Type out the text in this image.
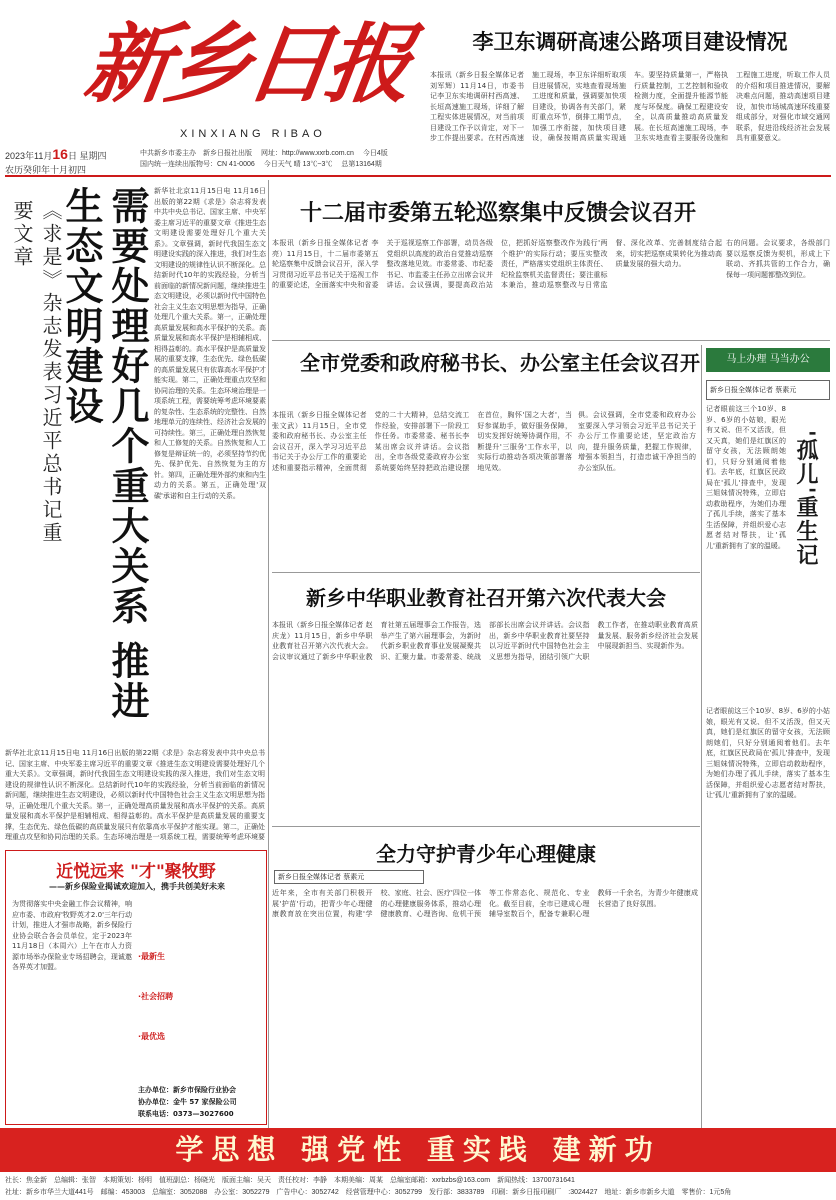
新乡日报
XINXIANG RIBAO
2023年11月16日 星期四
农历癸卯年十月初四
中共新乡市委主办　新乡日报社出版　 网址：http://www.xxrb.com.cn　 今日4版
国内统一连续出版物号：CN 41-0006　 今日天气 晴 13℃~3℃　 总第13164期
李卫东调研高速公路项目建设情况
本报讯（新乡日报全媒体记者 刘军辉）11月14日，市委书记李卫东实地调研村西高速、长垣高速施工现场，详细了解工程实体进展情况，对当前项目建设工作予以肯定，对下一步工作提出要求。在村西高速施工现场，李卫东详细听取项目进展情况，实地查看现场施工进度和质量，强调要加快项目建设，协调各有关部门，紧盯重点环节，倒排工期节点，加强工序衔接，加快项目建设，确保按期高质量实现通车。要坚持质量第一，严格执行质量控制，工艺控制和验收检测力度，全面提升能源节能度与环保度。确保工程建设安全，以高质量推动高质量发展。在长垣高速施工现场，李卫东实地查看主要服务设施和工程施工进度，听取工作人员的介绍和项目推进情况，要解决难点问题，推动高速项目建设，加快市场城高速环线重要组成部分，对强化市域交通网联系，促进沿线经济社会发展具有重要意义。
需要处理好几个重大关系 推进生态文明建设
《求是》杂志发表习近平总书记重要文章
新华社北京11月15日电 11月16日出版的第22期《求是》杂志将发表中共中央总书记、国家主席、中央军委主席习近平的重要文章《推进生态文明建设需要处理好几个重大关系》。文章强调，新时代我国生态文明建设实践的深入推进，我们对生态文明建设的规律性认识不断深化。总结新时代10年的实践经验，分析当前面临的新情况新问题，继续推进生态文明建设，必须以新时代中国特色社会主义生态文明思想为指导，正确处理几个重大关系。第一，正确处理高质量发展和高水平保护的关系。高质量发展和高水平保护是相辅相成、相得益彰的。高水平保护是高质量发展的重要支撑，生态优先、绿色低碳的高质量发展只有依靠高水平保护才能实现。第二，正确处理重点攻坚和协同治理的关系。生态环境治理是一项系统工程，需要统筹考虑环境要素的复杂性、生态系统的完整性、自然地理单元的连续性、经济社会发展的可持续性。第三，正确处理自然恢复和人工修复的关系。自然恢复和人工修复是辩证统一的，必须坚持节约优先、保护优先、自然恢复为主的方针。第四，正确处理外部约束和内生动力的关系。第五，正确处理'双碳'承诺和自主行动的关系。
新华社北京11月15日电 11月16日出版的第22期《求是》杂志将发表中共中央总书记、国家主席、中央军委主席习近平的重要文章《推进生态文明建设需要处理好几个重大关系》。文章强调，新时代我国生态文明建设实践的深入推进，我们对生态文明建设的规律性认识不断深化。总结新时代10年的实践经验，分析当前面临的新情况新问题，继续推进生态文明建设，必须以新时代中国特色社会主义生态文明思想为指导，正确处理几个重大关系。第一，正确处理高质量发展和高水平保护的关系。高质量发展和高水平保护是相辅相成、相得益彰的。高水平保护是高质量发展的重要支撑，生态优先、绿色低碳的高质量发展只有依靠高水平保护才能实现。第二，正确处理重点攻坚和协同治理的关系。生态环境治理是一项系统工程，需要统筹考虑环境要
十二届市委第五轮巡察集中反馈会议召开
本报讯（新乡日报全媒体记者 李亮）11月15日，十二届市委第五轮巡察集中反馈会议召开，深入学习贯彻习近平总书记关于巡视工作的重要论述，全面落实中央和省委关于巡视巡察工作部署，动员各级党组织以高度的政治自觉推动巡察整改落地见效。市委常委、市纪委书记、市监委主任孙立出席会议并讲话。会议强调，要提高政治站位，把抓好巡察整改作为践行'两个维护'的实际行动；要压实整改责任，严格落实党组织主体责任、纪检监察机关监督责任；要注重标本兼治，推动巡察整改与日常监督、深化改革、完善制度结合起来，切实把巡察成果转化为推动高质量发展的强大动力。
右的问题。会议要求，各级部门要以巡察反馈为契机，形成上下联动、齐抓共管的工作合力，确保每一项问题都整改到位。
全市党委和政府秘书长、办公室主任会议召开
本报讯（新乡日报全媒体记者 张文武）11月15日，全市党委和政府秘书长、办公室主任会议召开，深入学习习近平总书记关于办公厅工作的重要论述和重要指示精神，全面贯彻党的二十大精神，总结交流工作经验，安排部署下一阶段工作任务。市委常委、秘书长李某出席会议并讲话。会议指出，全市各级党委政府办公室系统要始终坚持把政治建设摆在首位，胸怀'国之大者'，当好参谋助手，做好服务保障，切实发挥好统筹协调作用，不断提升'三服务'工作水平，以实际行动推动各项决策部署落地见效。
俱。会议强调，全市党委和政府办公室要深入学习领会习近平总书记关于办公厅工作重要论述，坚定政治方向，提升服务质量，把握工作规律，增强本领担当，打造忠诚干净担当的办公室队伍。
马上办理 马当办公
新乡日报全媒体记者 蔡素元
'孤儿'重生记
记者眼前这三个10岁、8岁、6岁的小姑娘，眼光有又说、但不又活泼，但又天真，她们是红旗区的留守女孩，无法顾朗她们，只好分别通阅着他们。去年底，红旗区民政局在'孤儿'排查中，发现三姐妹情况特殊，立即启动救助程序，为她们办理了孤儿手续，落实了基本生活保障，并组织爱心志愿者结对帮扶，让'孤儿'重新拥有了家的温暖。
记者眼前这三个10岁、8岁、6岁的小姑娘，眼光有又说、但不又活泼，但又天真，她们是红旗区的留守女孩，无法顾朗她们，只好分别通阅着他们。去年底，红旗区民政局在'孤儿'排查中，发现三姐妹情况特殊，立即启动救助程序，为她们办理了孤儿手续，落实了基本生活保障，并组织爱心志愿者结对帮扶，让'孤儿'重新拥有了家的温暖。
新乡中华职业教育社召开第六次代表大会
本报讯（新乡日报全媒体记者 赵庆龙）11月15日，新乡中华职业教育社召开第六次代表大会。会议审议通过了新乡中华职业教育社第五届理事会工作报告，选举产生了第六届理事会，为新时代新乡职业教育事业发展凝聚共识、汇聚力量。市委常委、统战部部长出席会议并讲话。会议指出，新乡中华职业教育社要坚持以习近平新时代中国特色社会主义思想为指导，团结引领广大职教工作者，在推动职业教育高质量发展、服务新乡经济社会发展中展现新担当、实现新作为。
全力守护青少年心理健康
新乡日报全媒体记者 蔡素元
近年来，全市有关部门积极开展'护苗'行动，把青少年心理健康教育放在突出位置，构建'学校、家庭、社会、医疗'四位一体的心理健康服务体系，推动心理健康教育、心理咨询、危机干预等工作常态化、规范化、专业化。截至目前，全市已建成心理辅导室数百个，配备专兼职心理教师一千余名，为青少年健康成长营造了良好氛围。
近悦远来 "才"聚牧野
——新乡保险业揭诚欢迎加入，携手共创美好未来
为贯彻落实中央金融工作会议精神，响应市委、市政府'牧野英才2.0'三年行动计划，推进人才强市战略，新乡保险行业协会联合各会员单位，定于2023年11月18日（本周六）上午在市人力资源市场举办保险业专场招聘会，现诚邀各界英才加盟。
·最新生
·社会招聘
·最优选
主办单位：新乡市保险行业协会
协办单位：金牛 57 家保险公司
联系电话：0373—3027600
学思想 强党性 重实践 建新功
社长：焦金新　总编辑：张智　本期策划：杨明　值班副总：杨晓光　版面主编：吴天　责任校对：李静　本期美编：周某　总编室邮箱：xxrbzbs@163.com　新闻热线：13700731641
社址：新乡市华兰大道441号　邮编：453003　总编室：3052088　办公室：3052279　广告中心：3052742　经营管理中心：3052799　发行部：3833789　印刷：新乡日报印刷厂　:3024427　地址：新乡市新乡大道　零售价：1元5角
